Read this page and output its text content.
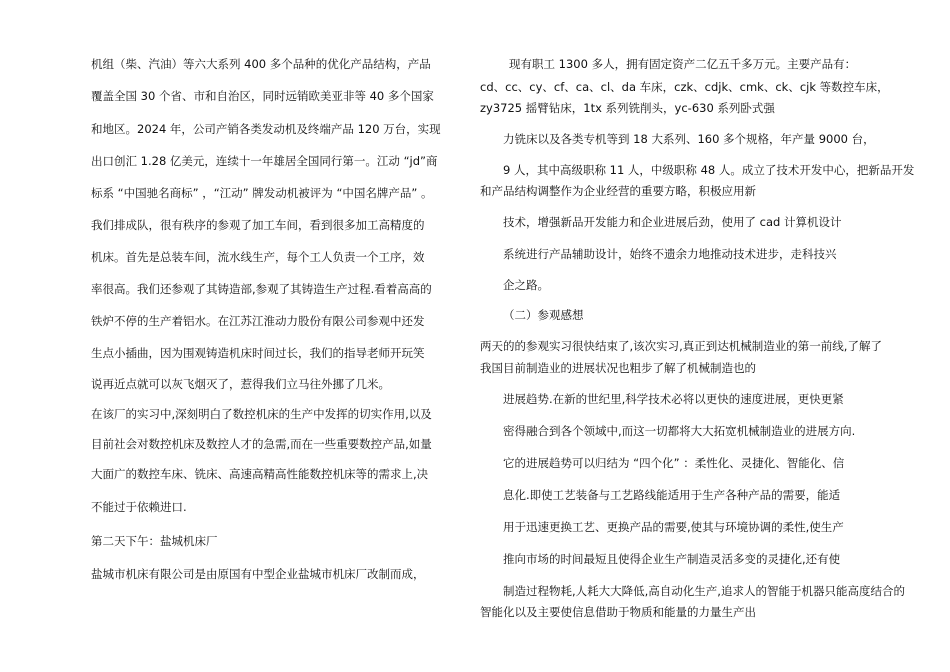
机组（柴、汽油）等六大系列 400 多个品种的优化产品结构，产品
覆盖全国 30 个省、市和自治区，同时远销欧美亚非等 40 多个国家
和地区。2024 年，公司产销各类发动机及终端产品 120 万台，实现
出口创汇 1.28 亿美元，连续十一年雄居全国同行第一。江动 “jd”商
标系 “中国驰名商标” ，“江动” 牌发动机被评为 “中国名牌产品” 。
我们排成队，很有秩序的参观了加工车间，看到很多加工高精度的
机床。首先是总装车间，流水线生产，每个工人负责一个工序，效
率很高。我们还参观了其铸造部,参观了其铸造生产过程.看着高高的
铁炉不停的生产着铝水。在江苏江淮动力股份有限公司参观中还发
生点小插曲，因为围观铸造机床时间过长，我们的指导老师开玩笑
说再近点就可以灰飞烟灭了，惹得我们立马往外挪了几米。
在该厂的实习中,深刻明白了数控机床的生产中发挥的切实作用,以及
目前社会对数控机床及数控人才的急需,而在一些重要数控产品,如量
大面广的数控车床、铣床、高速高精高性能数控机床等的需求上,决
不能过于依赖进口.
第二天下午：盐城机床厂
盐城市机床有限公司是由原国有中型企业盐城市机床厂改制而成，
现有职工 1300 多人，拥有固定资产二亿五千多万元。主要产品有：
cd、cc、cy、cf、ca、cl、da 车床，czk、cdjk、cmk、ck、cjk 等数控车床，
zy3725 摇臂钻床，1tx 系列铣削头，yc-630 系列卧式强
力铣床以及各类专机等到 18 大系列、160 多个规格，年产量 9000 台，
9 人，其中高级职称 11 人，中级职称 48 人。成立了技术开发中心，把新品开发
和产品结构调整作为企业经营的重要方略，积极应用新
技术，增强新品开发能力和企业进展后劲，使用了 cad 计算机设计
系统进行产品辅助设计，始终不遗余力地推动技术进步，走科技兴
企之路。
（二）参观感想
两天的的参观实习很快结束了,该次实习,真正到达机械制造业的第一前线,了解了
我国目前制造业的进展状况也粗步了解了机械制造也的
进展趋势.在新的世纪里,科学技术必将以更快的速度进展，更快更紧
密得融合到各个领域中,而这一切都将大大拓宽机械制造业的进展方向.
它的进展趋势可以归结为 “四个化” ：柔性化、灵捷化、智能化、信
息化.即使工艺装备与工艺路线能适用于生产各种产品的需要，能适
用于迅速更换工艺、更换产品的需要,使其与环境协调的柔性,使生产
推向市场的时间最短且使得企业生产制造灵活多变的灵捷化,还有使
制造过程物耗,人耗大大降低,高自动化生产,追求人的智能于机器只能高度结合的
智能化以及主要使信息借助于物质和能量的力量生产出
